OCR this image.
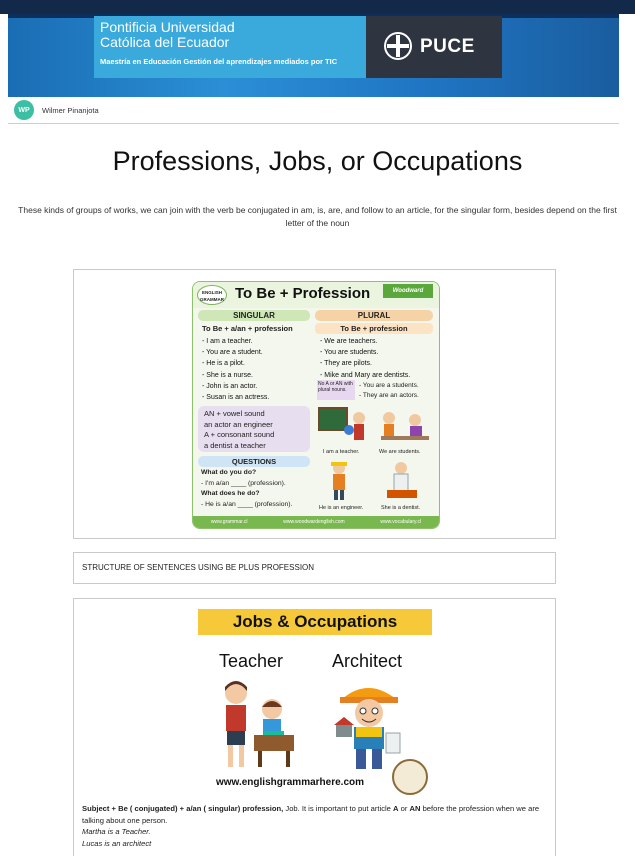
Pontificia Universidad
Católica del Ecuador
Maestría en Educación Gestión del aprendizajes mediados por TIC
PUCE
WP	Wilmer Pinanjota
Professions, Jobs, or Occupations
These kinds of groups of works, we can join with the verb be conjugated in am, is, are, and follow to an article, for the singular form, besides depend on the first letter of the noun
ENGLISH GRAMMAR To Be + Profession	Woodward
SINGULAR	PLURAL
To Be + a/an + profession	To Be + profession
- I am a teacher.
- You are a student.
- He is a pilot.
- She is a nurse.
- John is an actor.
- Susan is an actress.
- We are teachers.
- You are students.
- They are pilots.
- Mike and Mary are dentists.
No A or AN with plural nouns.
- You are a students.
- They are an actors.
AN + vowel sound
an actor an engineer
A + consonant sound
a dentist a teacher
QUESTIONS
What do you do?
- I'm a/an ____ (profession).
What does he do?
- He is a/an ____ (profession).
I am a teacher.	We are students.
He is an engineer.	She is a dentist.
www.grammar.cl	www.woodwardenglish.com	www.vocabulary.cl
STRUCTURE OF SENTENCES USING BE PLUS PROFESSION
Jobs & Occupations
Teacher	Architect
www.englishgrammarhere.com
Subject + Be ( conjugated) + a/an ( singular) profession, Job. It is important to put article A or AN before the profession when we are talking about one person.
Martha is a Teacher.
Lucas is an architect
